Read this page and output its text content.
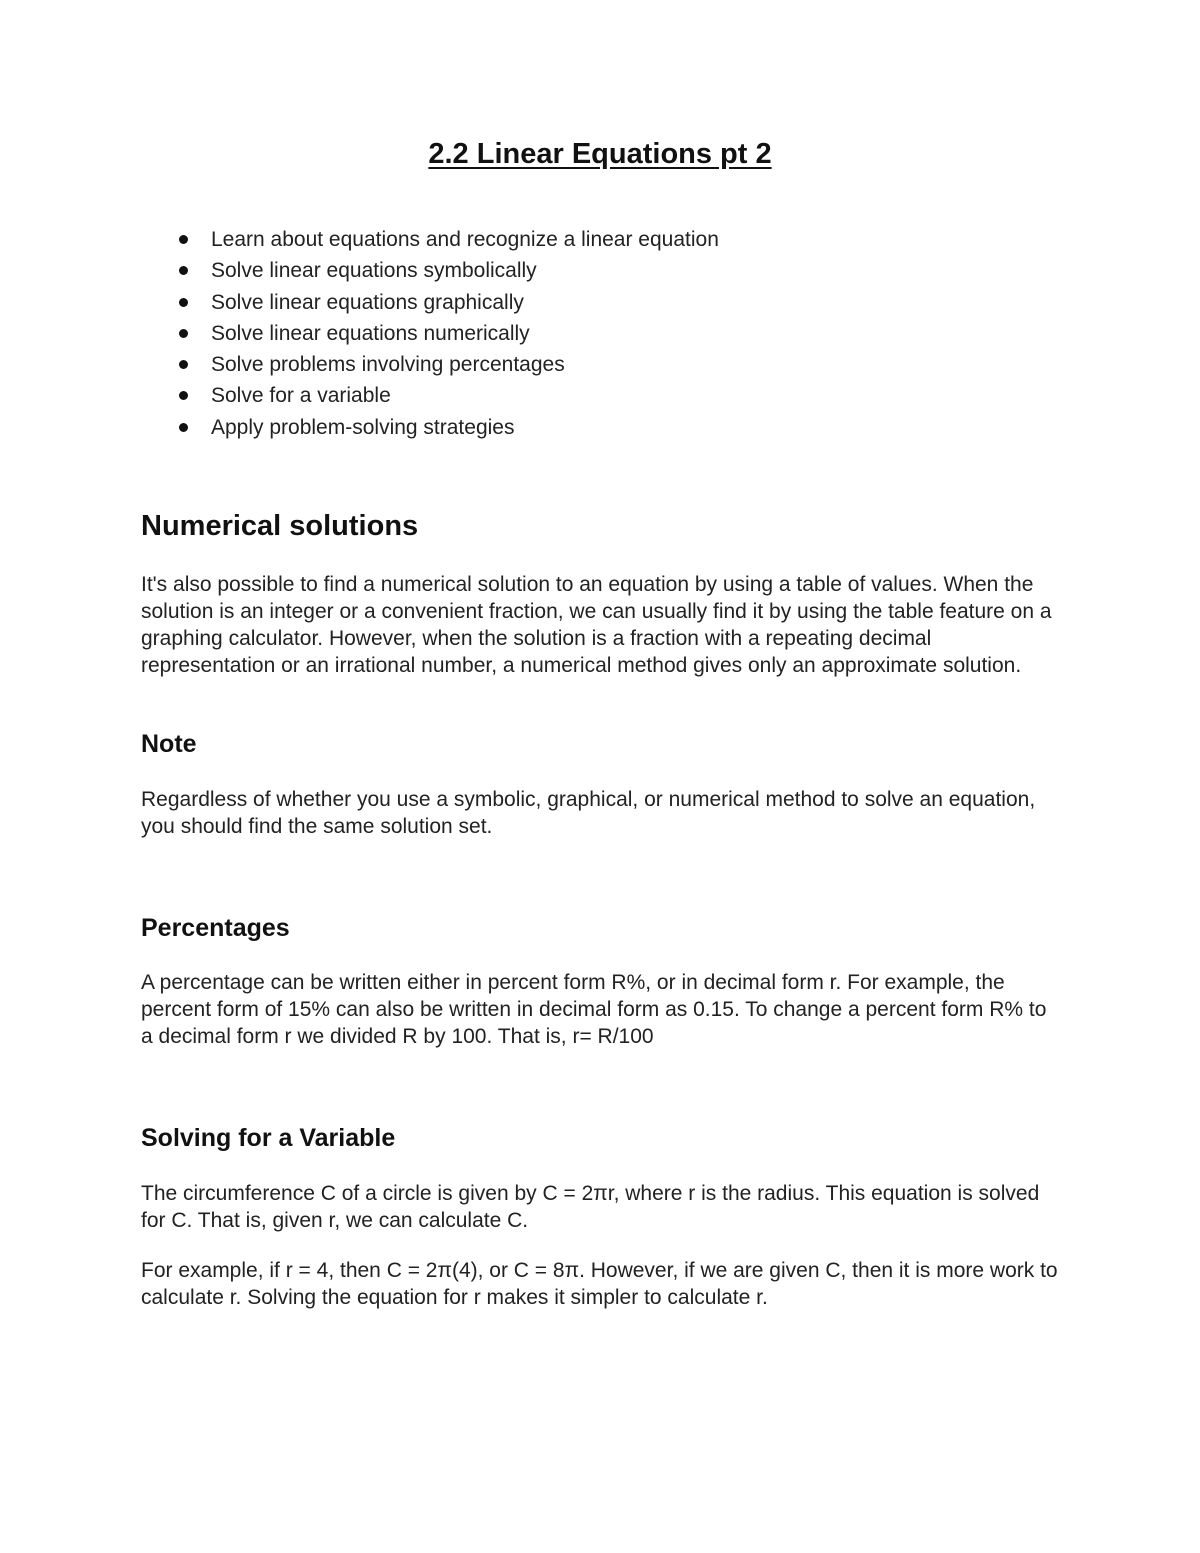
2.2 Linear Equations pt 2
Learn about equations and recognize a linear equation
Solve linear equations symbolically
Solve linear equations graphically
Solve linear equations numerically
Solve problems involving percentages
Solve for a variable
Apply problem-solving strategies
Numerical solutions

It's also possible to find a numerical solution to an equation by using a table of values. When the solution is an integer or a convenient fraction, we can usually find it by using the table feature on a graphing calculator. However, when the solution is a fraction with a repeating decimal representation or an irrational number, a numerical method gives only an approximate solution.

Note

Regardless of whether you use a symbolic, graphical, or numerical method to solve an equation, you should find the same solution set.

Percentages

A percentage can be written either in percent form R%, or in decimal form r. For example, the percent form of 15% can also be written in decimal form as 0.15. To change a percent form R% to a decimal form r we divided R by 100. That is, r= R/100

Solving for a Variable

The circumference C of a circle is given by C = 2πr, where r is the radius. This equation is solved for C. That is, given r, we can calculate C.

For example, if r = 4, then C = 2π(4), or C = 8π. However, if we are given C, then it is more work to calculate r. Solving the equation for r makes it simpler to calculate r.
